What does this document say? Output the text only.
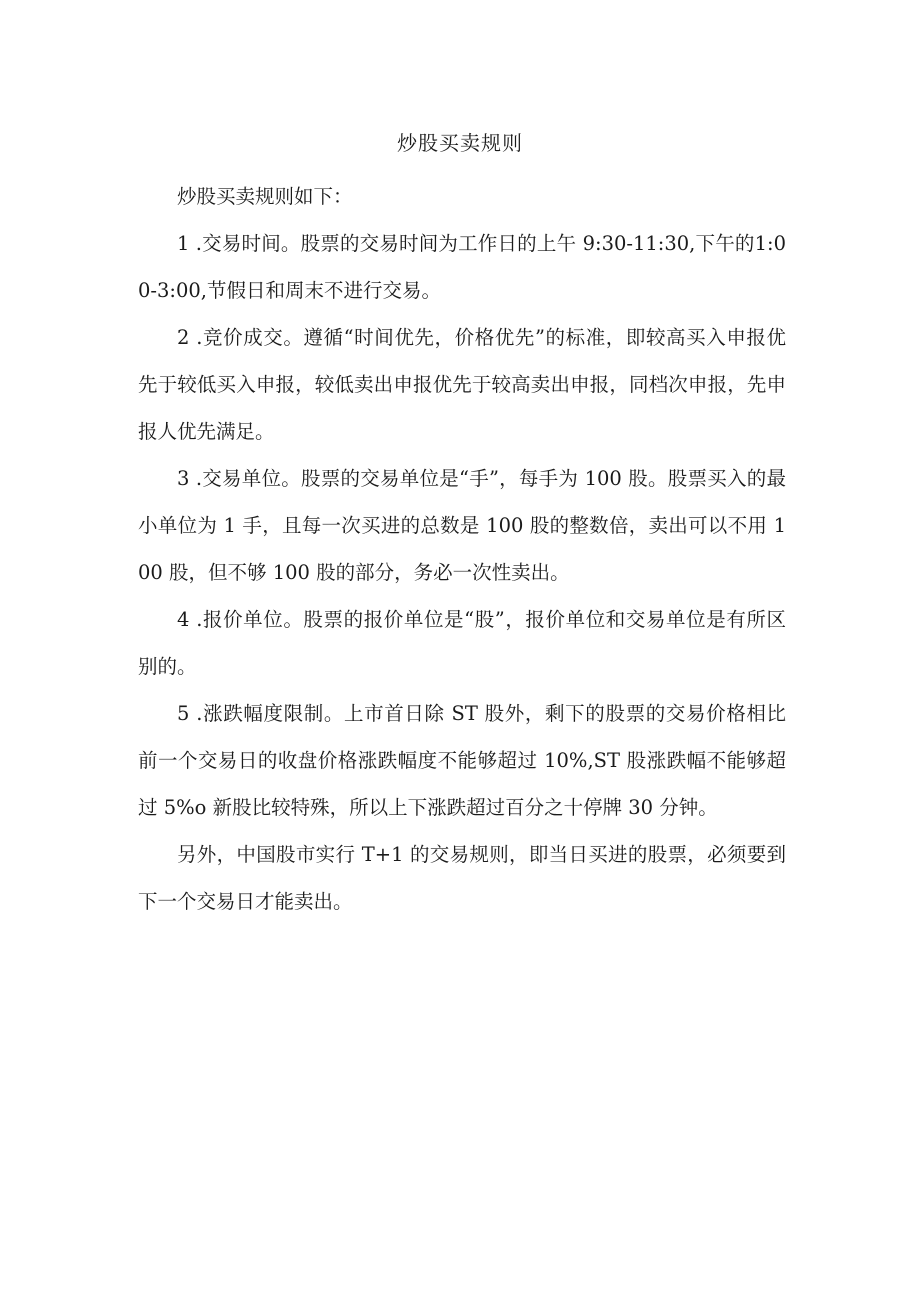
炒股买卖规则

炒股买卖规则如下：

1 .交易时间。股票的交易时间为工作日的上午 9:30-11:30,下午的1:00-3:00,节假日和周末不进行交易。

2 .竞价成交。遵循“时间优先，价格优先”的标准，即较高买入申报优先于较低买入申报，较低卖出申报优先于较高卖出申报，同档次申报，先申报人优先满足。

3 .交易单位。股票的交易单位是“手”，每手为 100 股。股票买入的最小单位为 1 手，且每一次买进的总数是 100 股的整数倍，卖出可以不用 100 股，但不够 100 股的部分，务必一次性卖出。

4 .报价单位。股票的报价单位是“股”，报价单位和交易单位是有所区别的。

5 .涨跌幅度限制。上市首日除 ST 股外，剩下的股票的交易价格相比前一个交易日的收盘价格涨跌幅度不能够超过 10%,ST 股涨跌幅不能够超过 5%o 新股比较特殊，所以上下涨跌超过百分之十停牌 30 分钟。

另外，中国股市实行 T+1 的交易规则，即当日买进的股票，必须要到下一个交易日才能卖出。
